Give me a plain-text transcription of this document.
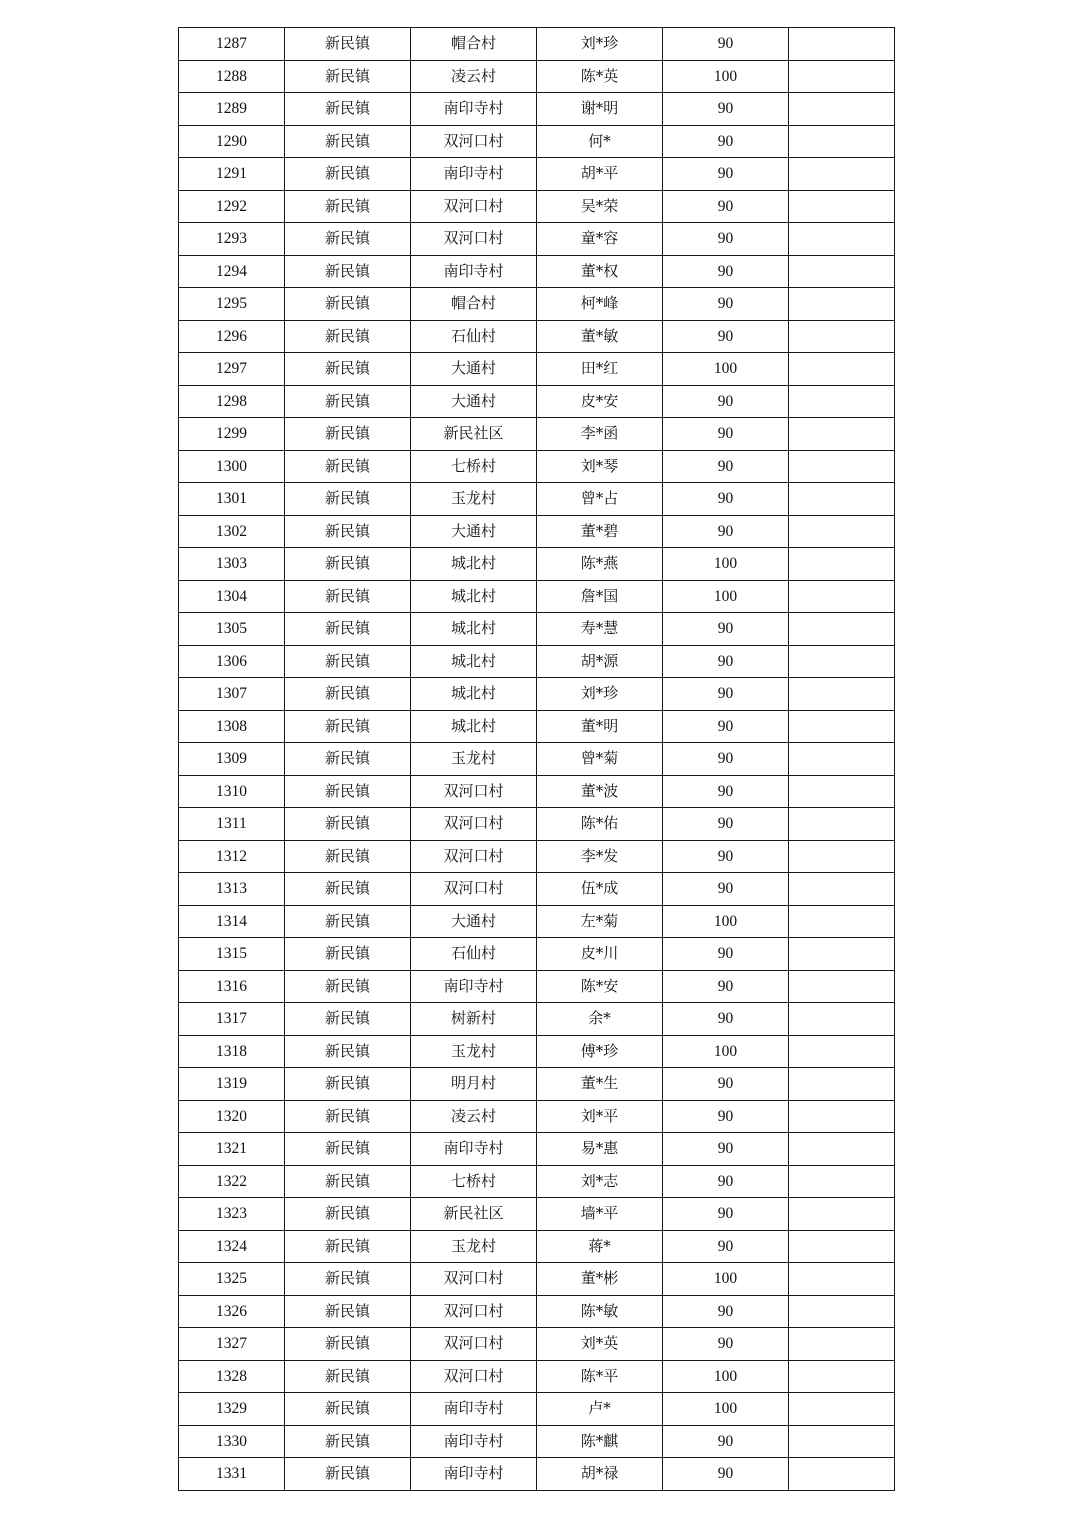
1287	新民镇	帽合村	刘*珍	90	
1288	新民镇	凌云村	陈*英	100	
1289	新民镇	南印寺村	谢*明	90	
1290	新民镇	双河口村	何*	90	
1291	新民镇	南印寺村	胡*平	90	
1292	新民镇	双河口村	吴*荣	90	
1293	新民镇	双河口村	童*容	90	
1294	新民镇	南印寺村	董*权	90	
1295	新民镇	帽合村	柯*峰	90	
1296	新民镇	石仙村	董*敏	90	
1297	新民镇	大通村	田*红	100	
1298	新民镇	大通村	皮*安	90	
1299	新民镇	新民社区	李*函	90	
1300	新民镇	七桥村	刘*琴	90	
1301	新民镇	玉龙村	曾*占	90	
1302	新民镇	大通村	董*碧	90	
1303	新民镇	城北村	陈*燕	100	
1304	新民镇	城北村	詹*国	100	
1305	新民镇	城北村	寿*慧	90	
1306	新民镇	城北村	胡*源	90	
1307	新民镇	城北村	刘*珍	90	
1308	新民镇	城北村	董*明	90	
1309	新民镇	玉龙村	曾*菊	90	
1310	新民镇	双河口村	董*波	90	
1311	新民镇	双河口村	陈*佑	90	
1312	新民镇	双河口村	李*发	90	
1313	新民镇	双河口村	伍*成	90	
1314	新民镇	大通村	左*菊	100	
1315	新民镇	石仙村	皮*川	90	
1316	新民镇	南印寺村	陈*安	90	
1317	新民镇	树新村	余*	90	
1318	新民镇	玉龙村	傅*珍	100	
1319	新民镇	明月村	董*生	90	
1320	新民镇	凌云村	刘*平	90	
1321	新民镇	南印寺村	易*惠	90	
1322	新民镇	七桥村	刘*志	90	
1323	新民镇	新民社区	墙*平	90	
1324	新民镇	玉龙村	蒋*	90	
1325	新民镇	双河口村	董*彬	100	
1326	新民镇	双河口村	陈*敏	90	
1327	新民镇	双河口村	刘*英	90	
1328	新民镇	双河口村	陈*平	100	
1329	新民镇	南印寺村	卢*	100	
1330	新民镇	南印寺村	陈*麒	90	
1331	新民镇	南印寺村	胡*禄	90	
